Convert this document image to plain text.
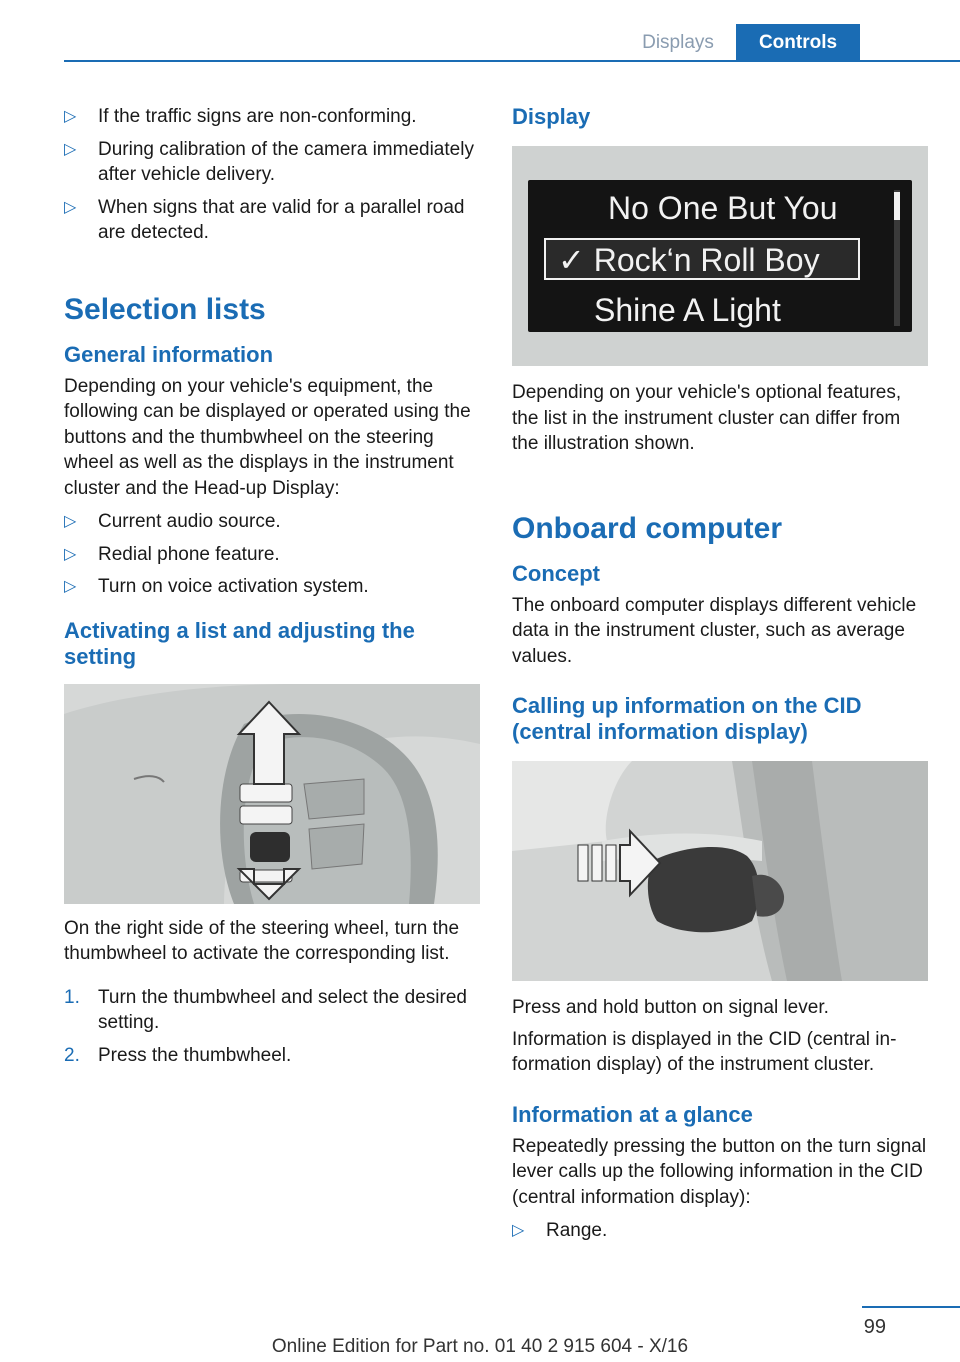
Displays	Controls
▷ If the traffic signs are non-conforming.
▷ During calibration of the camera immediately after vehicle delivery.
▷ When signs that are valid for a parallel road are detected.
Selection lists
General information

Depending on your vehicle's equipment, the following can be displayed or operated using the buttons and the thumbwheel on the steering wheel as well as the displays in the instrument cluster and the Head-up Display:

▷ Current audio source.
▷ Redial phone feature.
▷ Turn on voice activation system.
Activating a list and adjusting the setting

On the right side of the steering wheel, turn the thumbwheel to activate the corresponding list.

1. Turn the thumbwheel and select the desired setting.
2. Press the thumbwheel.
Display
No One But You
✓ Rock‘n Roll Boy
Shine A Light

Depending on your vehicle's optional features, the list in the instrument cluster can differ from the illustration shown.

Onboard computer
Concept

The onboard computer displays different vehicle data in the instrument cluster, such as average values.

Calling up information on the CID (central information display)

Press and hold button on signal lever.

Information is displayed in the CID (central information display) of the instrument cluster.

Information at a glance

Repeatedly pressing the button on the turn signal lever calls up the following information in the CID (central information display):

▷ Range.
99
Online Edition for Part no. 01 40 2 915 604 - X/16
